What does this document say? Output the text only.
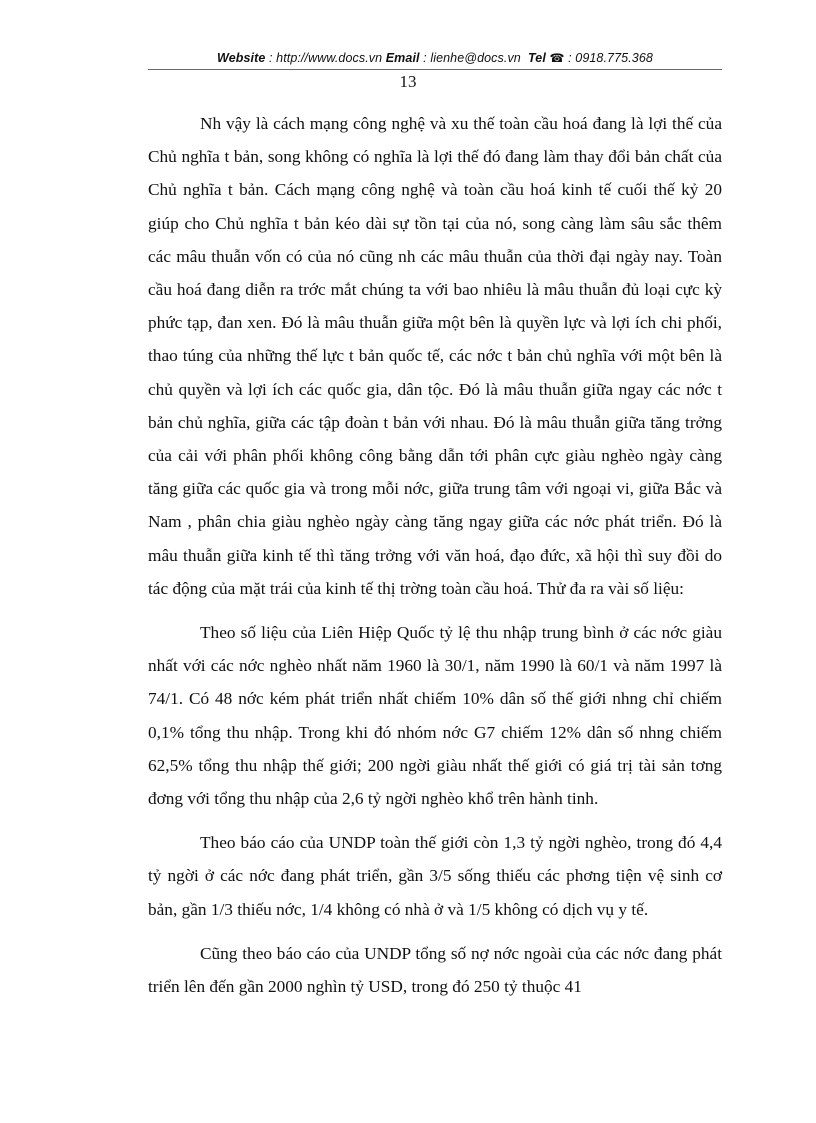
Website : http://www.docs.vn Email : lienhe@docs.vn Tel ☎ : 0918.775.368
13

Nh vậy là cách mạng công nghệ và xu thế toàn cầu hoá đang là lợi thế của Chủ nghĩa t bản, song không có nghĩa là lợi thế đó đang làm thay đổi bản chất của Chủ nghĩa t bản. Cách mạng công nghệ và toàn cầu hoá kinh tế cuối thế kỷ 20 giúp cho Chủ nghĩa t bản kéo dài sự tồn tại của nó, song càng làm sâu sắc thêm các mâu thuẫn vốn có của nó cũng nh các mâu thuẫn của thời đại ngày nay. Toàn cầu hoá đang diễn ra trớc mắt chúng ta với bao nhiêu là mâu thuẫn đủ loại cực kỳ phức tạp, đan xen. Đó là mâu thuẫn giữa một bên là quyền lực và lợi ích chi phối, thao túng của những thế lực t bản quốc tế, các nớc t bản chủ nghĩa với một bên là chủ quyền và lợi ích các quốc gia, dân tộc. Đó là mâu thuẫn giữa ngay các nớc t bản chủ nghĩa, giữa các tập đoàn t bản với nhau. Đó là mâu thuẫn giữa tăng trởng của cải với phân phối không công bằng dẫn tới phân cực giàu nghèo ngày càng tăng giữa các quốc gia và trong mỗi nớc, giữa trung tâm với ngoại vi, giữa Bắc và Nam , phân chia giàu nghèo ngày càng tăng ngay giữa các nớc phát triển. Đó là mâu thuẫn giữa kinh tế thì tăng trởng với văn hoá, đạo đức, xã hội thì suy đồi do tác động của mặt trái của kinh tế thị trờng toàn cầu hoá. Thử đa ra vài số liệu:

Theo số liệu của Liên Hiệp Quốc tỷ lệ thu nhập trung bình ở các nớc giàu nhất với các nớc nghèo nhất năm 1960 là 30/1, năm 1990 là 60/1 và năm 1997 là 74/1. Có 48 nớc kém phát triển nhất chiếm 10% dân số thế giới nhng chỉ chiếm 0,1% tổng thu nhập. Trong khi đó nhóm nớc G7 chiếm 12% dân số nhng chiếm 62,5% tổng thu nhập thế giới; 200 ngời giàu nhất thế giới có giá trị tài sản tơng đơng với tổng thu nhập của 2,6 tỷ ngời nghèo khổ trên hành tinh.

Theo báo cáo của UNDP toàn thế giới còn 1,3 tỷ ngời nghèo, trong đó 4,4 tỷ ngời ở các nớc đang phát triển, gần 3/5 sống thiếu các phơng tiện vệ sinh cơ bản, gần 1/3 thiếu nớc, 1/4 không có nhà ở và 1/5 không có dịch vụ y tế.

Cũng theo báo cáo của UNDP tổng số nợ nớc ngoài của các nớc đang phát triển lên đến gần 2000 nghìn tỷ USD, trong đó 250 tỷ thuộc 41
